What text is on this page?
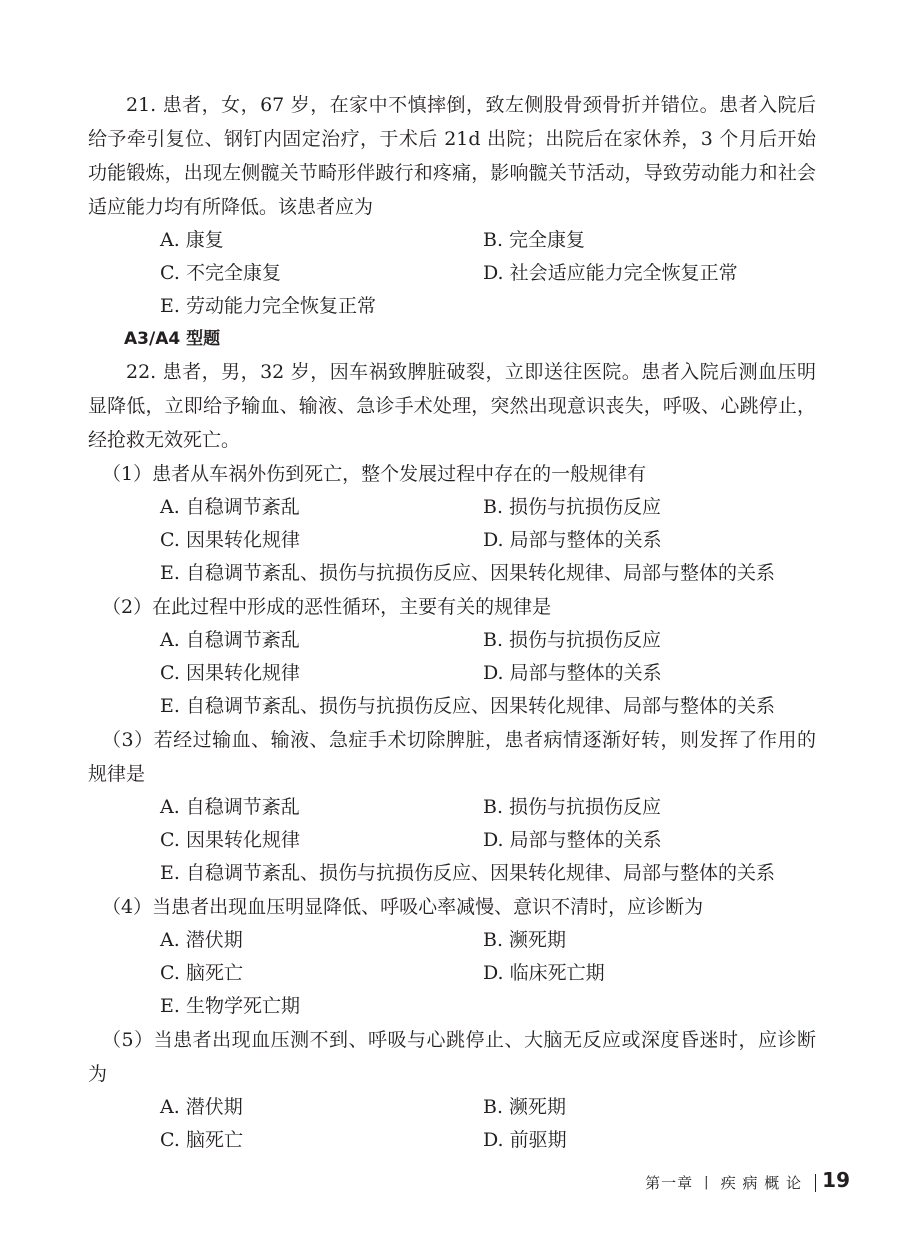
21. 患者，女，67 岁，在家中不慎摔倒，致左侧股骨颈骨折并错位。患者入院后给予牵引复位、钢钉内固定治疗，于术后 21d 出院；出院后在家休养，3 个月后开始功能锻炼，出现左侧髋关节畸形伴跛行和疼痛，影响髋关节活动，导致劳动能力和社会适应能力均有所降低。该患者应为

A. 康复	B. 完全康复
C. 不完全康复	D. 社会适应能力完全恢复正常
E. 劳动能力完全恢复正常

A3/A4 型题

22. 患者，男，32 岁，因车祸致脾脏破裂，立即送往医院。患者入院后测血压明显降低，立即给予输血、输液、急诊手术处理，突然出现意识丧失，呼吸、心跳停止，经抢救无效死亡。

（1）患者从车祸外伤到死亡，整个发展过程中存在的一般规律有

A. 自稳调节紊乱	B. 损伤与抗损伤反应
C. 因果转化规律	D. 局部与整体的关系
E. 自稳调节紊乱、损伤与抗损伤反应、因果转化规律、局部与整体的关系

（2）在此过程中形成的恶性循环，主要有关的规律是

A. 自稳调节紊乱	B. 损伤与抗损伤反应
C. 因果转化规律	D. 局部与整体的关系
E. 自稳调节紊乱、损伤与抗损伤反应、因果转化规律、局部与整体的关系

（3）若经过输血、输液、急症手术切除脾脏，患者病情逐渐好转，则发挥了作用的规律是

A. 自稳调节紊乱	B. 损伤与抗损伤反应
C. 因果转化规律	D. 局部与整体的关系
E. 自稳调节紊乱、损伤与抗损伤反应、因果转化规律、局部与整体的关系

（4）当患者出现血压明显降低、呼吸心率减慢、意识不清时，应诊断为

A. 潜伏期	B. 濒死期
C. 脑死亡	D. 临床死亡期
E. 生物学死亡期

（5）当患者出现血压测不到、呼吸与心跳停止、大脑无反应或深度昏迷时，应诊断为

A. 潜伏期	B. 濒死期
C. 脑死亡	D. 前驱期
第一章 丨 疾 病 概 论 19
